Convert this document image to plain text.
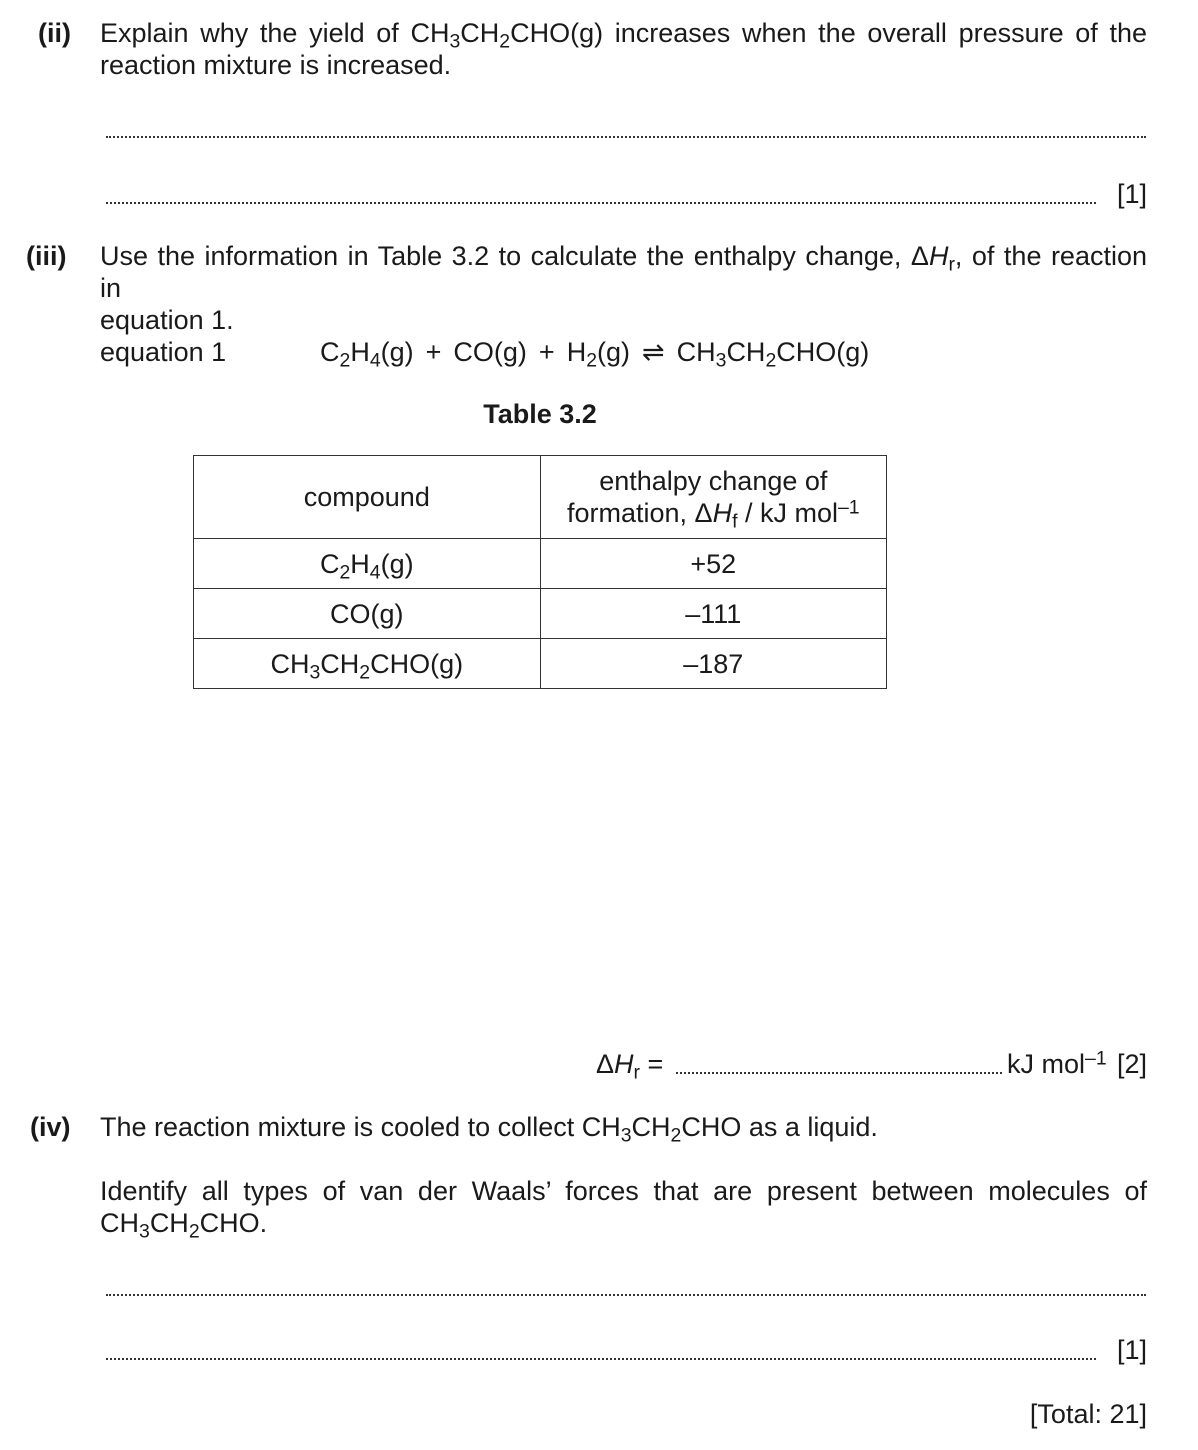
(ii) Explain why the yield of $CH_3CH_2CHO(g)$ increases when the overall pressure of the
reaction mixture is increased.
[1]
(iii) Use the information in Table 3.2 to calculate the enthalpy change, $\Delta H_r$, of the reaction in
equation 1.
equation 1	$C_2H_4(g) + CO(g) + H_2(g)$ ⇌ $CH_3CH_2CHO(g)$
Table 3.2
compound	enthalpy change of
formation, $\Delta H_f$ / kJ mol$^{-1}$

$C_2H_4(g)$	+52
CO(g)	–111
$CH_3CH_2CHO(g)$	–187
$\Delta H_r$ =	kJ mol$^{-1}$ [2]
(iv) The reaction mixture is cooled to collect $CH_3CH_2CHO$ as a liquid.
Identify all types of van der Waals’ forces that are present between molecules of
$CH_3CH_2CHO$.
[1]
[Total: 21]
